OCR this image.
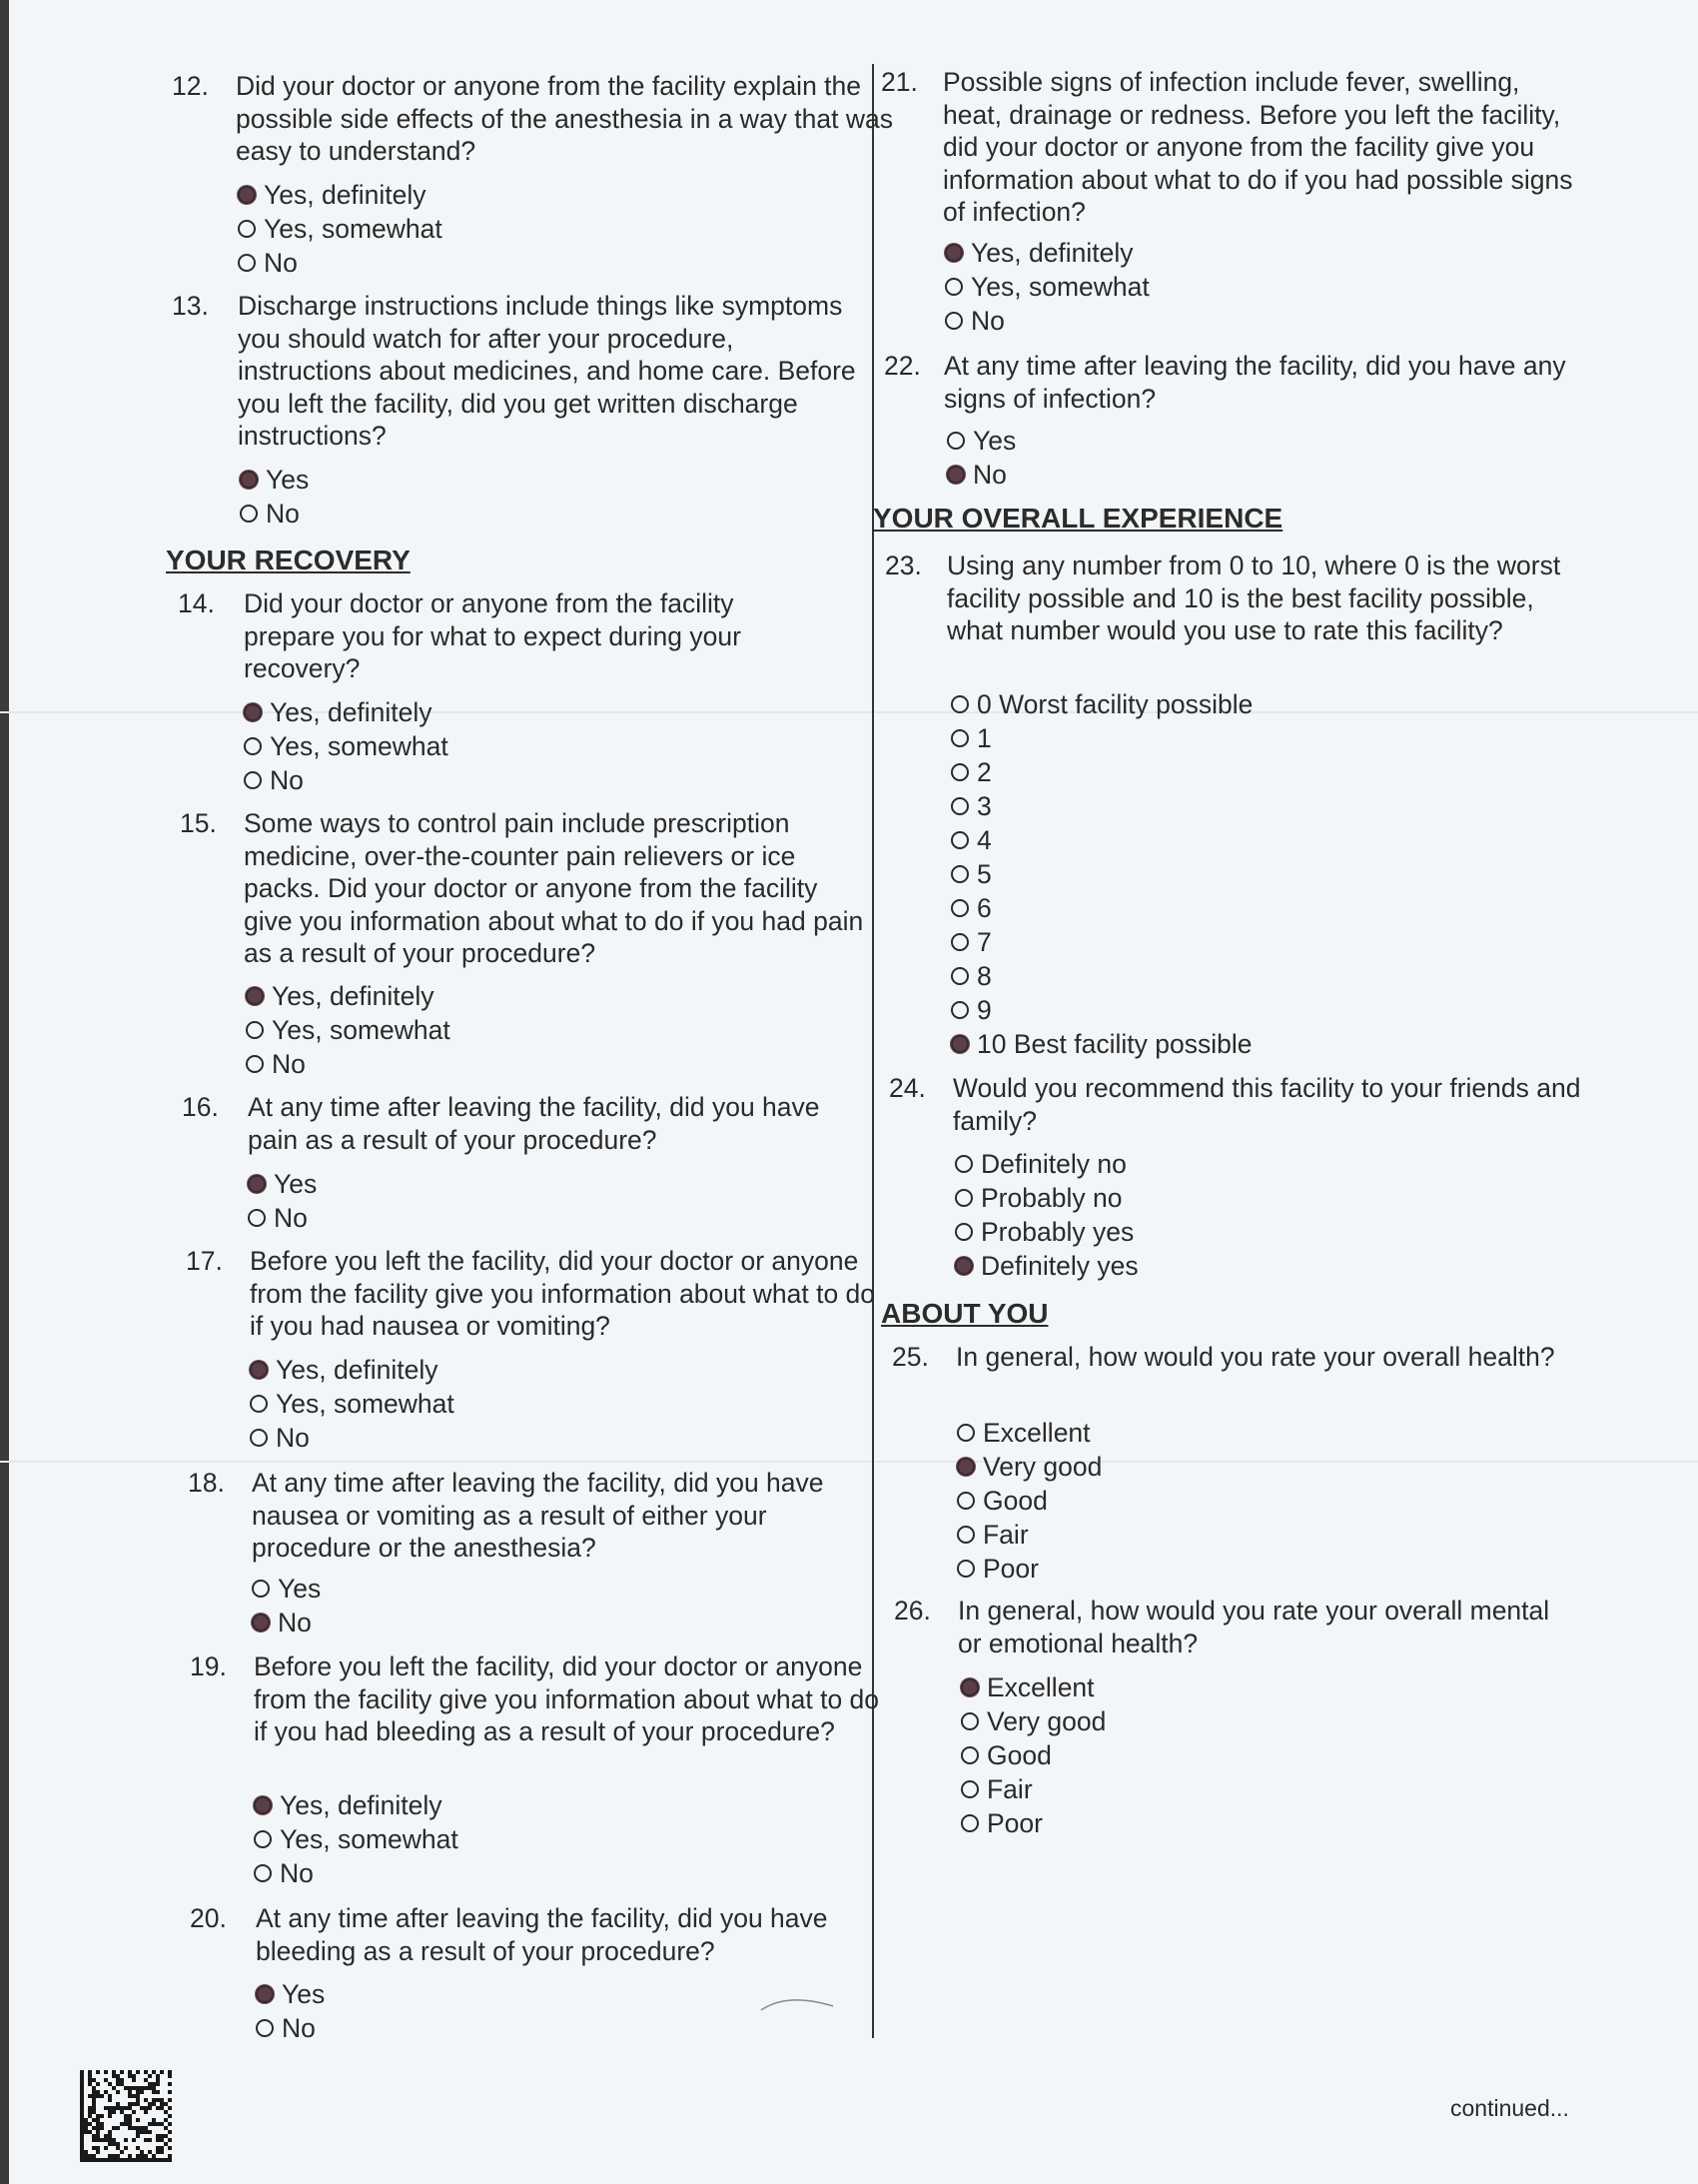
12. Did your doctor or anyone from the facility explain the possible side effects of the anesthesia in a way that was easy to understand?
Yes, definitely
Yes, somewhat
No
13. Discharge instructions include things like symptoms you should watch for after your procedure, instructions about medicines, and home care. Before you left the facility, did you get written discharge instructions?
Yes
No
YOUR RECOVERY
14. Did your doctor or anyone from the facility prepare you for what to expect during your recovery?
Yes, definitely
Yes, somewhat
No
15. Some ways to control pain include prescription medicine, over-the-counter pain relievers or ice packs. Did your doctor or anyone from the facility give you information about what to do if you had pain as a result of your procedure?
Yes, definitely
Yes, somewhat
No
16. At any time after leaving the facility, did you have pain as a result of your procedure?
Yes
No
17. Before you left the facility, did your doctor or anyone from the facility give you information about what to do if you had nausea or vomiting?
Yes, definitely
Yes, somewhat
No
18. At any time after leaving the facility, did you have nausea or vomiting as a result of either your procedure or the anesthesia?
Yes
No
19. Before you left the facility, did your doctor or anyone from the facility give you information about what to do if you had bleeding as a result of your procedure?
Yes, definitely
Yes, somewhat
No
20. At any time after leaving the facility, did you have bleeding as a result of your procedure?
Yes
No
21. Possible signs of infection include fever, swelling, heat, drainage or redness. Before you left the facility, did your doctor or anyone from the facility give you information about what to do if you had possible signs of infection?
Yes, definitely
Yes, somewhat
No
22. At any time after leaving the facility, did you have any signs of infection?
Yes
No
YOUR OVERALL EXPERIENCE
23. Using any number from 0 to 10, where 0 is the worst facility possible and 10 is the best facility possible, what number would you use to rate this facility?
0 Worst facility possible
1
2
3
4
5
6
7
8
9
10 Best facility possible
24. Would you recommend this facility to your friends and family?
Definitely no
Probably no
Probably yes
Definitely yes
ABOUT YOU
25. In general, how would you rate your overall health?
Excellent
Very good
Good
Fair
Poor
26. In general, how would you rate your overall mental or emotional health?
Excellent
Very good
Good
Fair
Poor
continued...
